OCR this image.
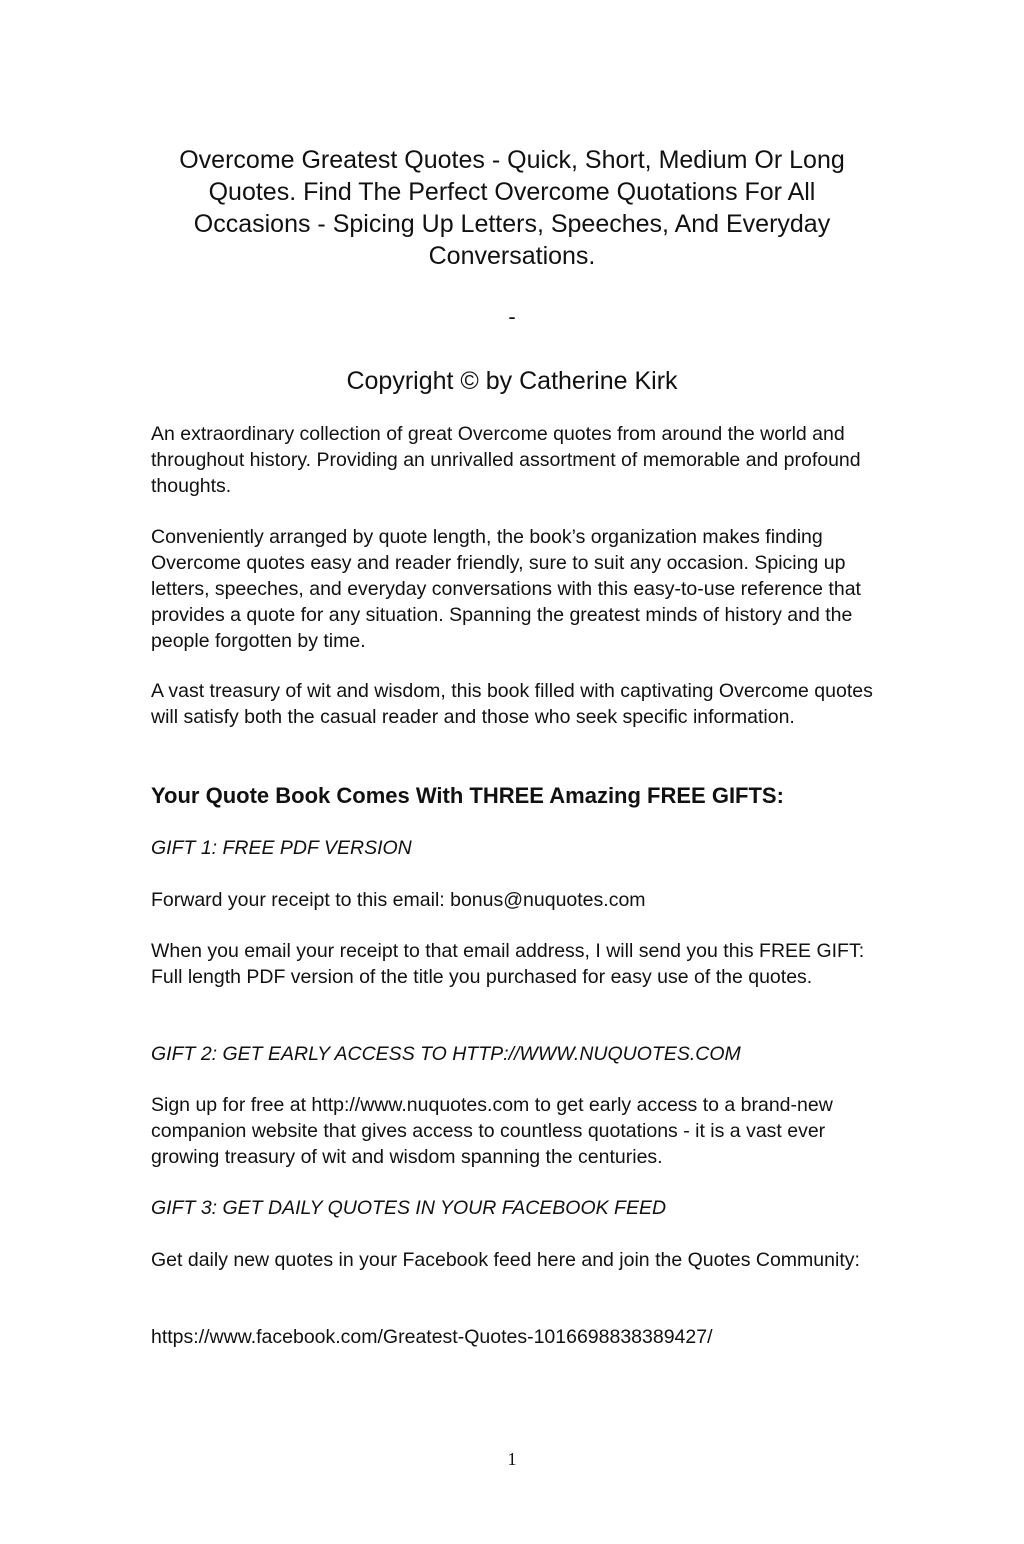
Overcome Greatest Quotes - Quick, Short, Medium Or Long Quotes. Find The Perfect Overcome Quotations For All Occasions - Spicing Up Letters, Speeches, And Everyday Conversations.
-
Copyright © by Catherine Kirk

An extraordinary collection of great Overcome quotes from around the world and throughout history. Providing an unrivalled assortment of memorable and profound thoughts.

Conveniently arranged by quote length, the book’s organization makes finding Overcome quotes easy and reader friendly, sure to suit any occasion. Spicing up letters, speeches, and everyday conversations with this easy-to-use reference that provides a quote for any situation. Spanning the greatest minds of history and the people forgotten by time.

A vast treasury of wit and wisdom, this book filled with captivating Overcome quotes will satisfy both the casual reader and those who seek specific information.

Your Quote Book Comes With THREE Amazing FREE GIFTS:

GIFT 1: FREE PDF VERSION

Forward your receipt to this email: bonus@nuquotes.com

When you email your receipt to that email address, I will send you this FREE GIFT: Full length PDF version of the title you purchased for easy use of the quotes.

GIFT 2: GET EARLY ACCESS TO HTTP://WWW.NUQUOTES.COM

Sign up for free at http://www.nuquotes.com to get early access to a brand-new companion website that gives access to countless quotations - it is a vast ever growing treasury of wit and wisdom spanning the centuries.

GIFT 3: GET DAILY QUOTES IN YOUR FACEBOOK FEED

Get daily new quotes in your Facebook feed here and join the Quotes Community:

https://www.facebook.com/Greatest-Quotes-1016698838389427/

1
